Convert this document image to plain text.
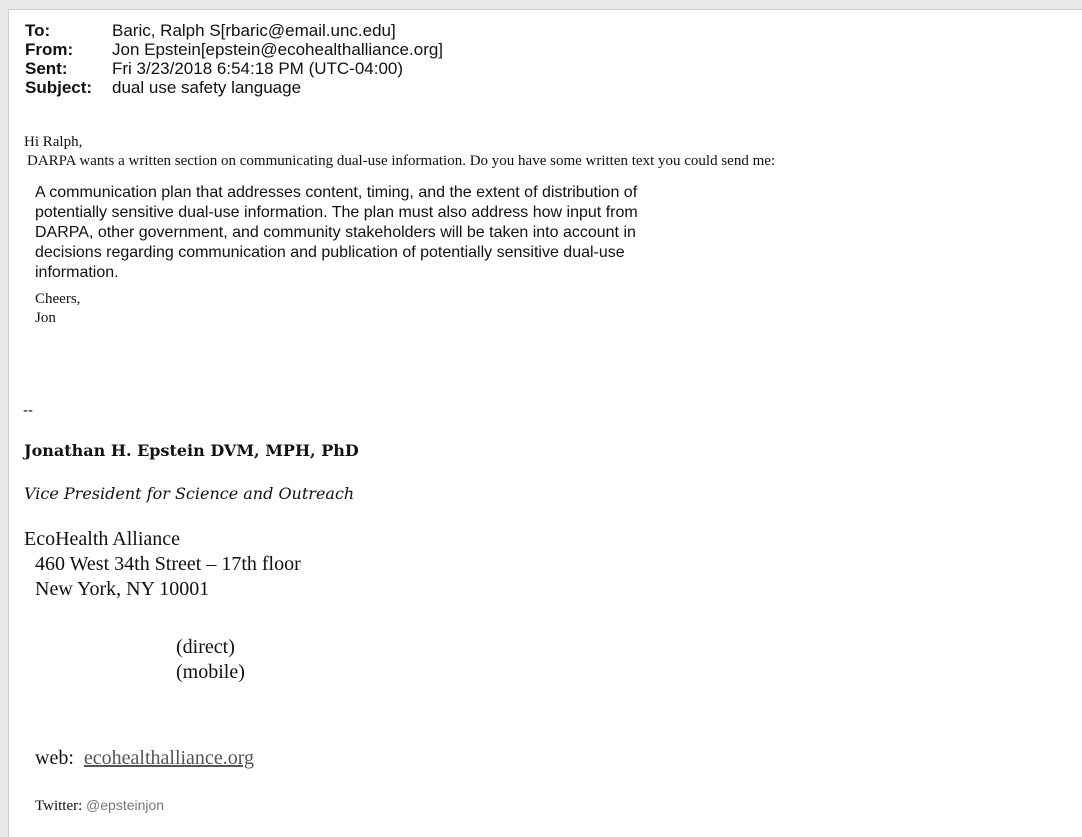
To:	Baric, Ralph S[rbaric@email.unc.edu]
From:	Jon Epstein[epstein@ecohealthalliance.org]
Sent:	Fri 3/23/2018 6:54:18 PM (UTC-04:00)
Subject:	dual use safety language
Hi Ralph,
DARPA wants a written section on communicating dual-use information. Do you have some written text you could send me:
A communication plan that addresses content, timing, and the extent of distribution of
potentially sensitive dual-use information. The plan must also address how input from
DARPA, other government, and community stakeholders will be taken into account in
decisions regarding communication and publication of potentially sensitive dual-use
information.
Cheers,
Jon
--
Jonathan H. Epstein DVM, MPH, PhD
Vice President for Science and Outreach
EcoHealth Alliance
460 West 34th Street – 17th floor
New York, NY 10001
(direct)
(mobile)
web: ecohealthalliance.org
Twitter: @epsteinjon
